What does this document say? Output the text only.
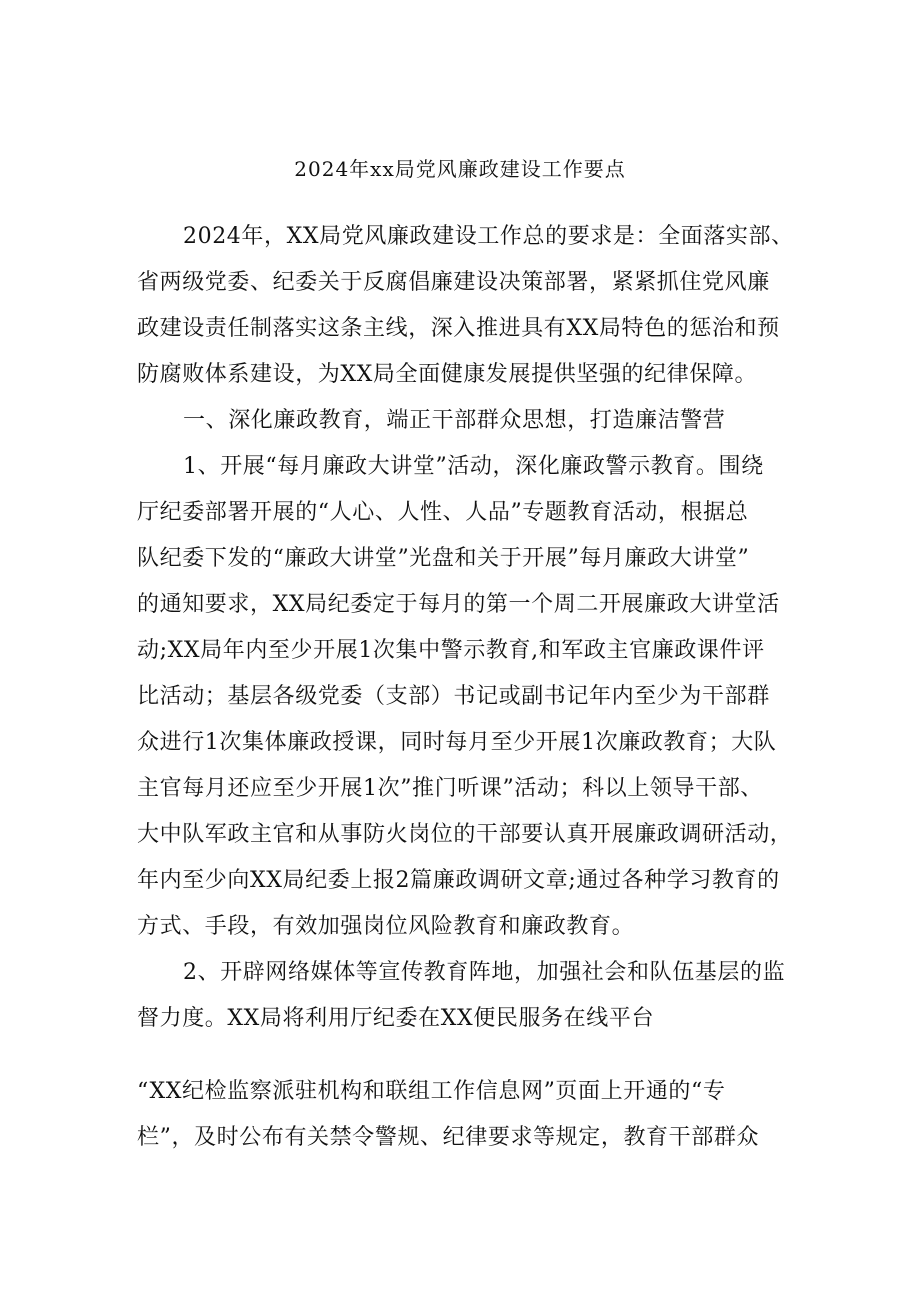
2024年xx局党风廉政建设工作要点
2024年，XX局党风廉政建设工作总的要求是：全面落实部、
省两级党委、纪委关于反腐倡廉建设决策部署，紧紧抓住党风廉
政建设责任制落实这条主线，深入推进具有XX局特色的惩治和预
防腐败体系建设，为XX局全面健康发展提供坚强的纪律保障。
一、深化廉政教育，端正干部群众思想，打造廉洁警营
1、开展“每月廉政大讲堂”活动，深化廉政警示教育。围绕
厅纪委部署开展的“人心、人性、人品”专题教育活动，根据总
队纪委下发的“廉政大讲堂”光盘和关于开展”每月廉政大讲堂”
的通知要求，XX局纪委定于每月的第一个周二开展廉政大讲堂活
动;XX局年内至少开展1次集中警示教育,和军政主官廉政课件评
比活动；基层各级党委（支部）书记或副书记年内至少为干部群
众进行1次集体廉政授课，同时每月至少开展1次廉政教育；大队
主官每月还应至少开展1次”推门听课”活动；科以上领导干部、
大中队军政主官和从事防火岗位的干部要认真开展廉政调研活动，
年内至少向XX局纪委上报2篇廉政调研文章;通过各种学习教育的
方式、手段，有效加强岗位风险教育和廉政教育。
2、开辟网络媒体等宣传教育阵地，加强社会和队伍基层的监
督力度。XX局将利用厅纪委在XX便民服务在线平台
“XX纪检监察派驻机构和联组工作信息网”页面上开通的“专
栏”，及时公布有关禁令警规、纪律要求等规定，教育干部群众
